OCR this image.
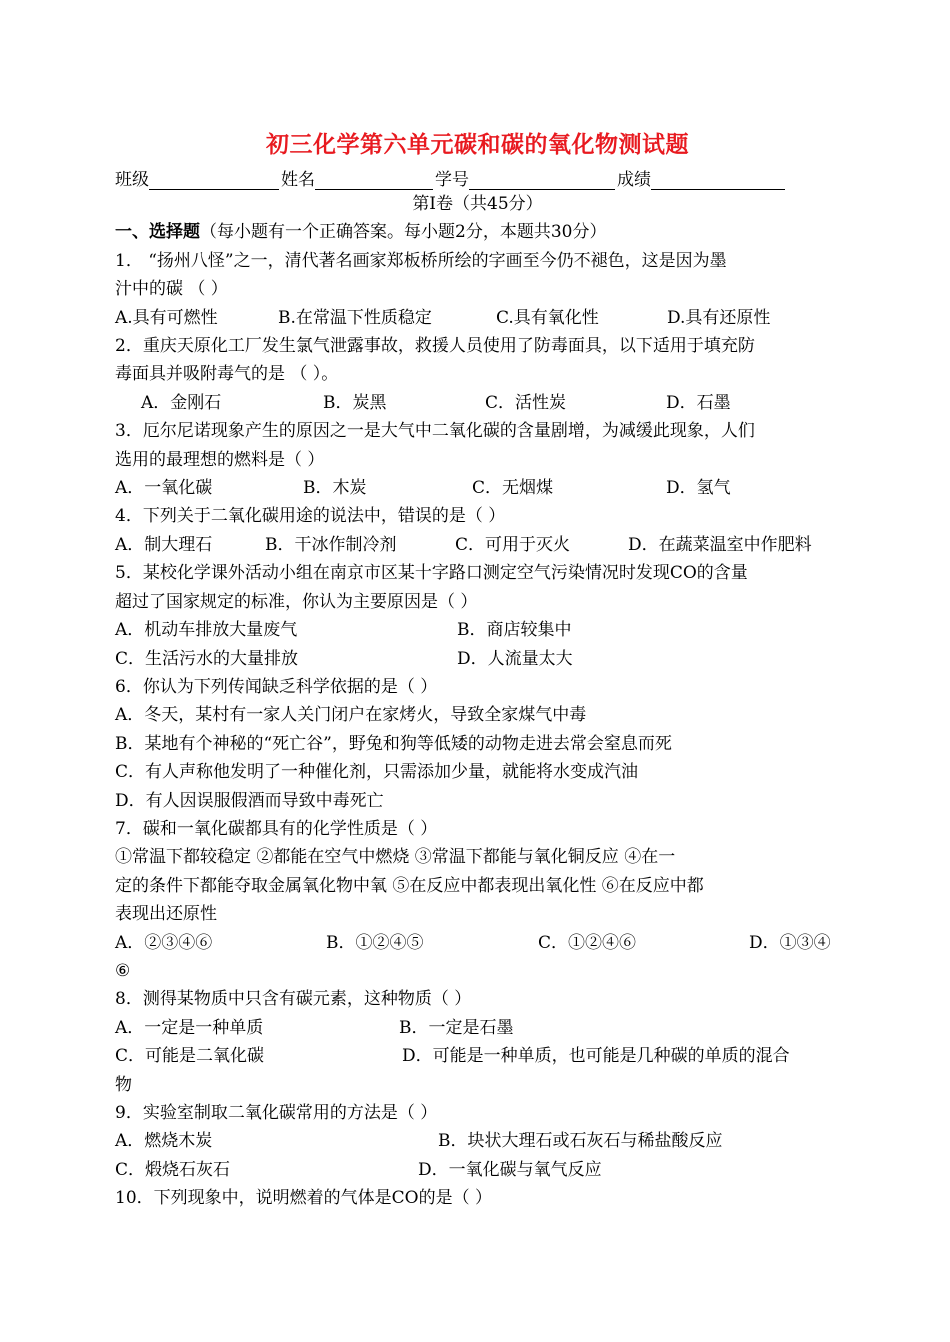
初三化学第六单元碳和碳的氧化物测试题
班级	姓名	学号	成绩
第Ⅰ卷（共45分）
一、选择题（每小题有一个正确答案。每小题2分，本题共30分）
1． “扬州八怪”之一，清代著名画家郑板桥所绘的字画至今仍不褪色，这是因为墨
汁中的碳 （ ）
A.具有可燃性	B.在常温下性质稳定	C.具有氧化性	D.具有还原性
2．重庆天原化工厂发生氯气泄露事故，救援人员使用了防毒面具，以下适用于填充防
毒面具并吸附毒气的是 （ ）。
A．金刚石	B．炭黑	C．活性炭	D．石墨
3．厄尔尼诺现象产生的原因之一是大气中二氧化碳的含量剧增，为减缓此现象，人们
选用的最理想的燃料是（ ）
A．一氧化碳	B．木炭	C．无烟煤	D．氢气
4．下列关于二氧化碳用途的说法中，错误的是（ ）
A．制大理石	B．干冰作制冷剂	C．可用于灭火	D．在蔬菜温室中作肥料
5．某校化学课外活动小组在南京市区某十字路口测定空气污染情况时发现CO的含量
超过了国家规定的标准，你认为主要原因是（ ）
A．机动车排放大量废气	B．商店较集中
C．生活污水的大量排放	D．人流量太大
6．你认为下列传闻缺乏科学依据的是（ ）
A．冬天，某村有一家人关门闭户在家烤火，导致全家煤气中毒
B．某地有个神秘的“死亡谷”，野兔和狗等低矮的动物走进去常会窒息而死
C．有人声称他发明了一种催化剂，只需添加少量，就能将水变成汽油
D．有人因误服假酒而导致中毒死亡
7．碳和一氧化碳都具有的化学性质是（ ）
①常温下都较稳定 ②都能在空气中燃烧 ③常温下都能与氧化铜反应 ④在一
定的条件下都能夺取金属氧化物中氧 ⑤在反应中都表现出氧化性 ⑥在反应中都
表现出还原性
A．②③④⑥	B．①②④⑤	C．①②④⑥	D．①③④
⑥
8．测得某物质中只含有碳元素，这种物质（ ）
A．一定是一种单质	B．一定是石墨
C．可能是二氧化碳	D．可能是一种单质，也可能是几种碳的单质的混合
物
9．实验室制取二氧化碳常用的方法是（ ）
A．燃烧木炭	B．块状大理石或石灰石与稀盐酸反应
C．煅烧石灰石	D．一氧化碳与氧气反应
10．下列现象中，说明燃着的气体是CO的是（ ）
